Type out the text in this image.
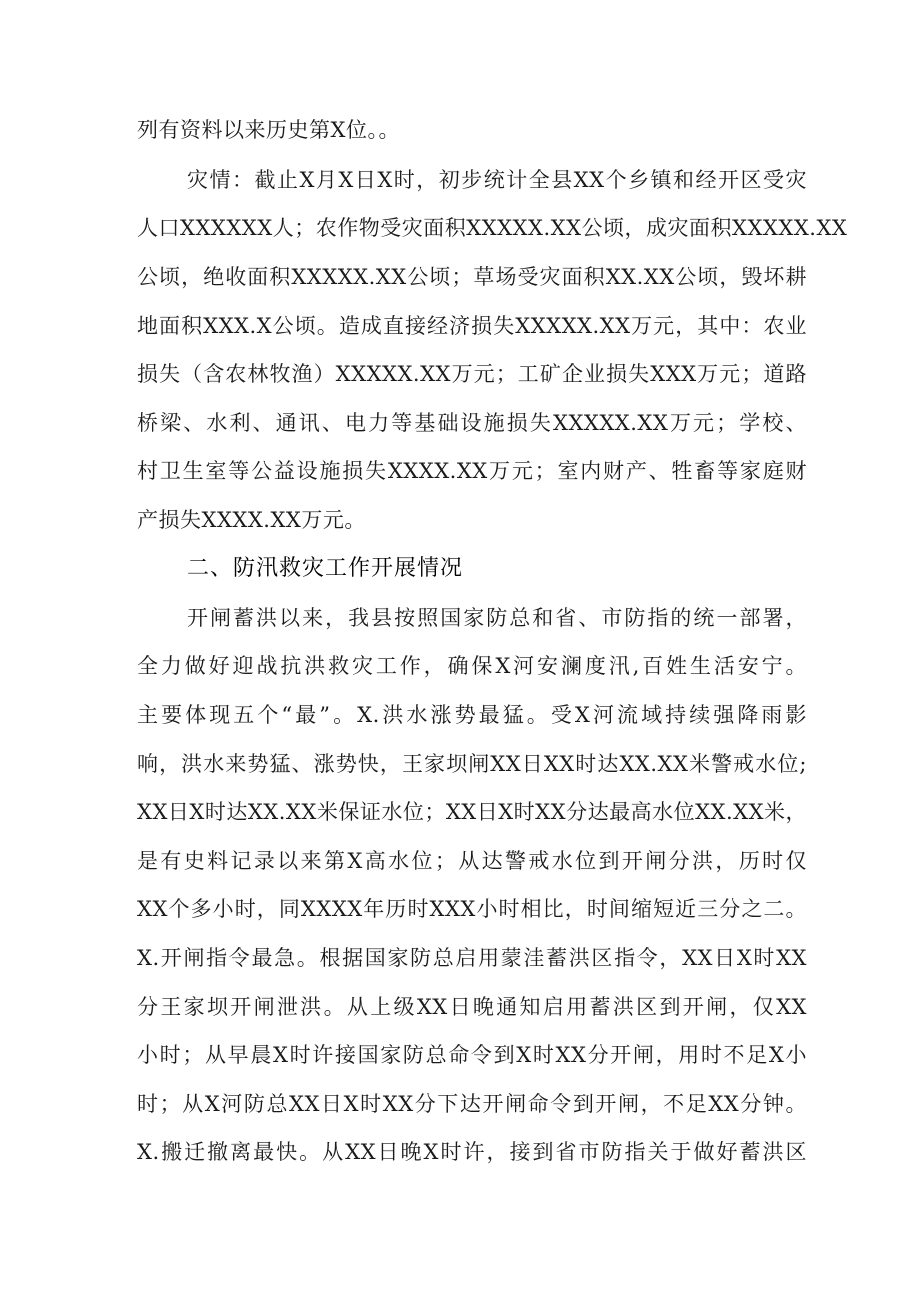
列有资料以来历史第X位。。
灾情：截止X月X日X时，初步统计全县XX个乡镇和经开区受灾
人口XXXXXX人；农作物受灾面积XXXXX.XX公顷，成灾面积XXXXX.XX
公顷，绝收面积XXXXX.XX公顷；草场受灾面积XX.XX公顷，毁坏耕
地面积XXX.X公顷。造成直接经济损失XXXXX.XX万元，其中：农业
损失（含农林牧渔）XXXXX.XX万元；工矿企业损失XXX万元；道路
桥梁、水利、通讯、电力等基础设施损失XXXXX.XX万元；学校、
村卫生室等公益设施损失XXXX.XX万元；室内财产、牲畜等家庭财
产损失XXXX.XX万元。
二、防汛救灾工作开展情况
开闸蓄洪以来，我县按照国家防总和省、市防指的统一部署，
全力做好迎战抗洪救灾工作，确保X河安澜度汛,百姓生活安宁。
主要体现五个“最”。X.洪水涨势最猛。受X河流域持续强降雨影
响，洪水来势猛、涨势快，王家坝闸XX日XX时达XX.XX米警戒水位;
XX日X时达XX.XX米保证水位；XX日X时XX分达最高水位XX.XX米，
是有史料记录以来第X高水位；从达警戒水位到开闸分洪，历时仅
XX个多小时，同XXXX年历时XXX小时相比，时间缩短近三分之二。
X.开闸指令最急。根据国家防总启用蒙洼蓄洪区指令，XX日X时XX
分王家坝开闸泄洪。从上级XX日晚通知启用蓄洪区到开闸，仅XX
小时；从早晨X时许接国家防总命令到X时XX分开闸，用时不足X小
时；从X河防总XX日X时XX分下达开闸命令到开闸，不足XX分钟。
X.搬迁撤离最快。从XX日晚X时许，接到省市防指关于做好蓄洪区
